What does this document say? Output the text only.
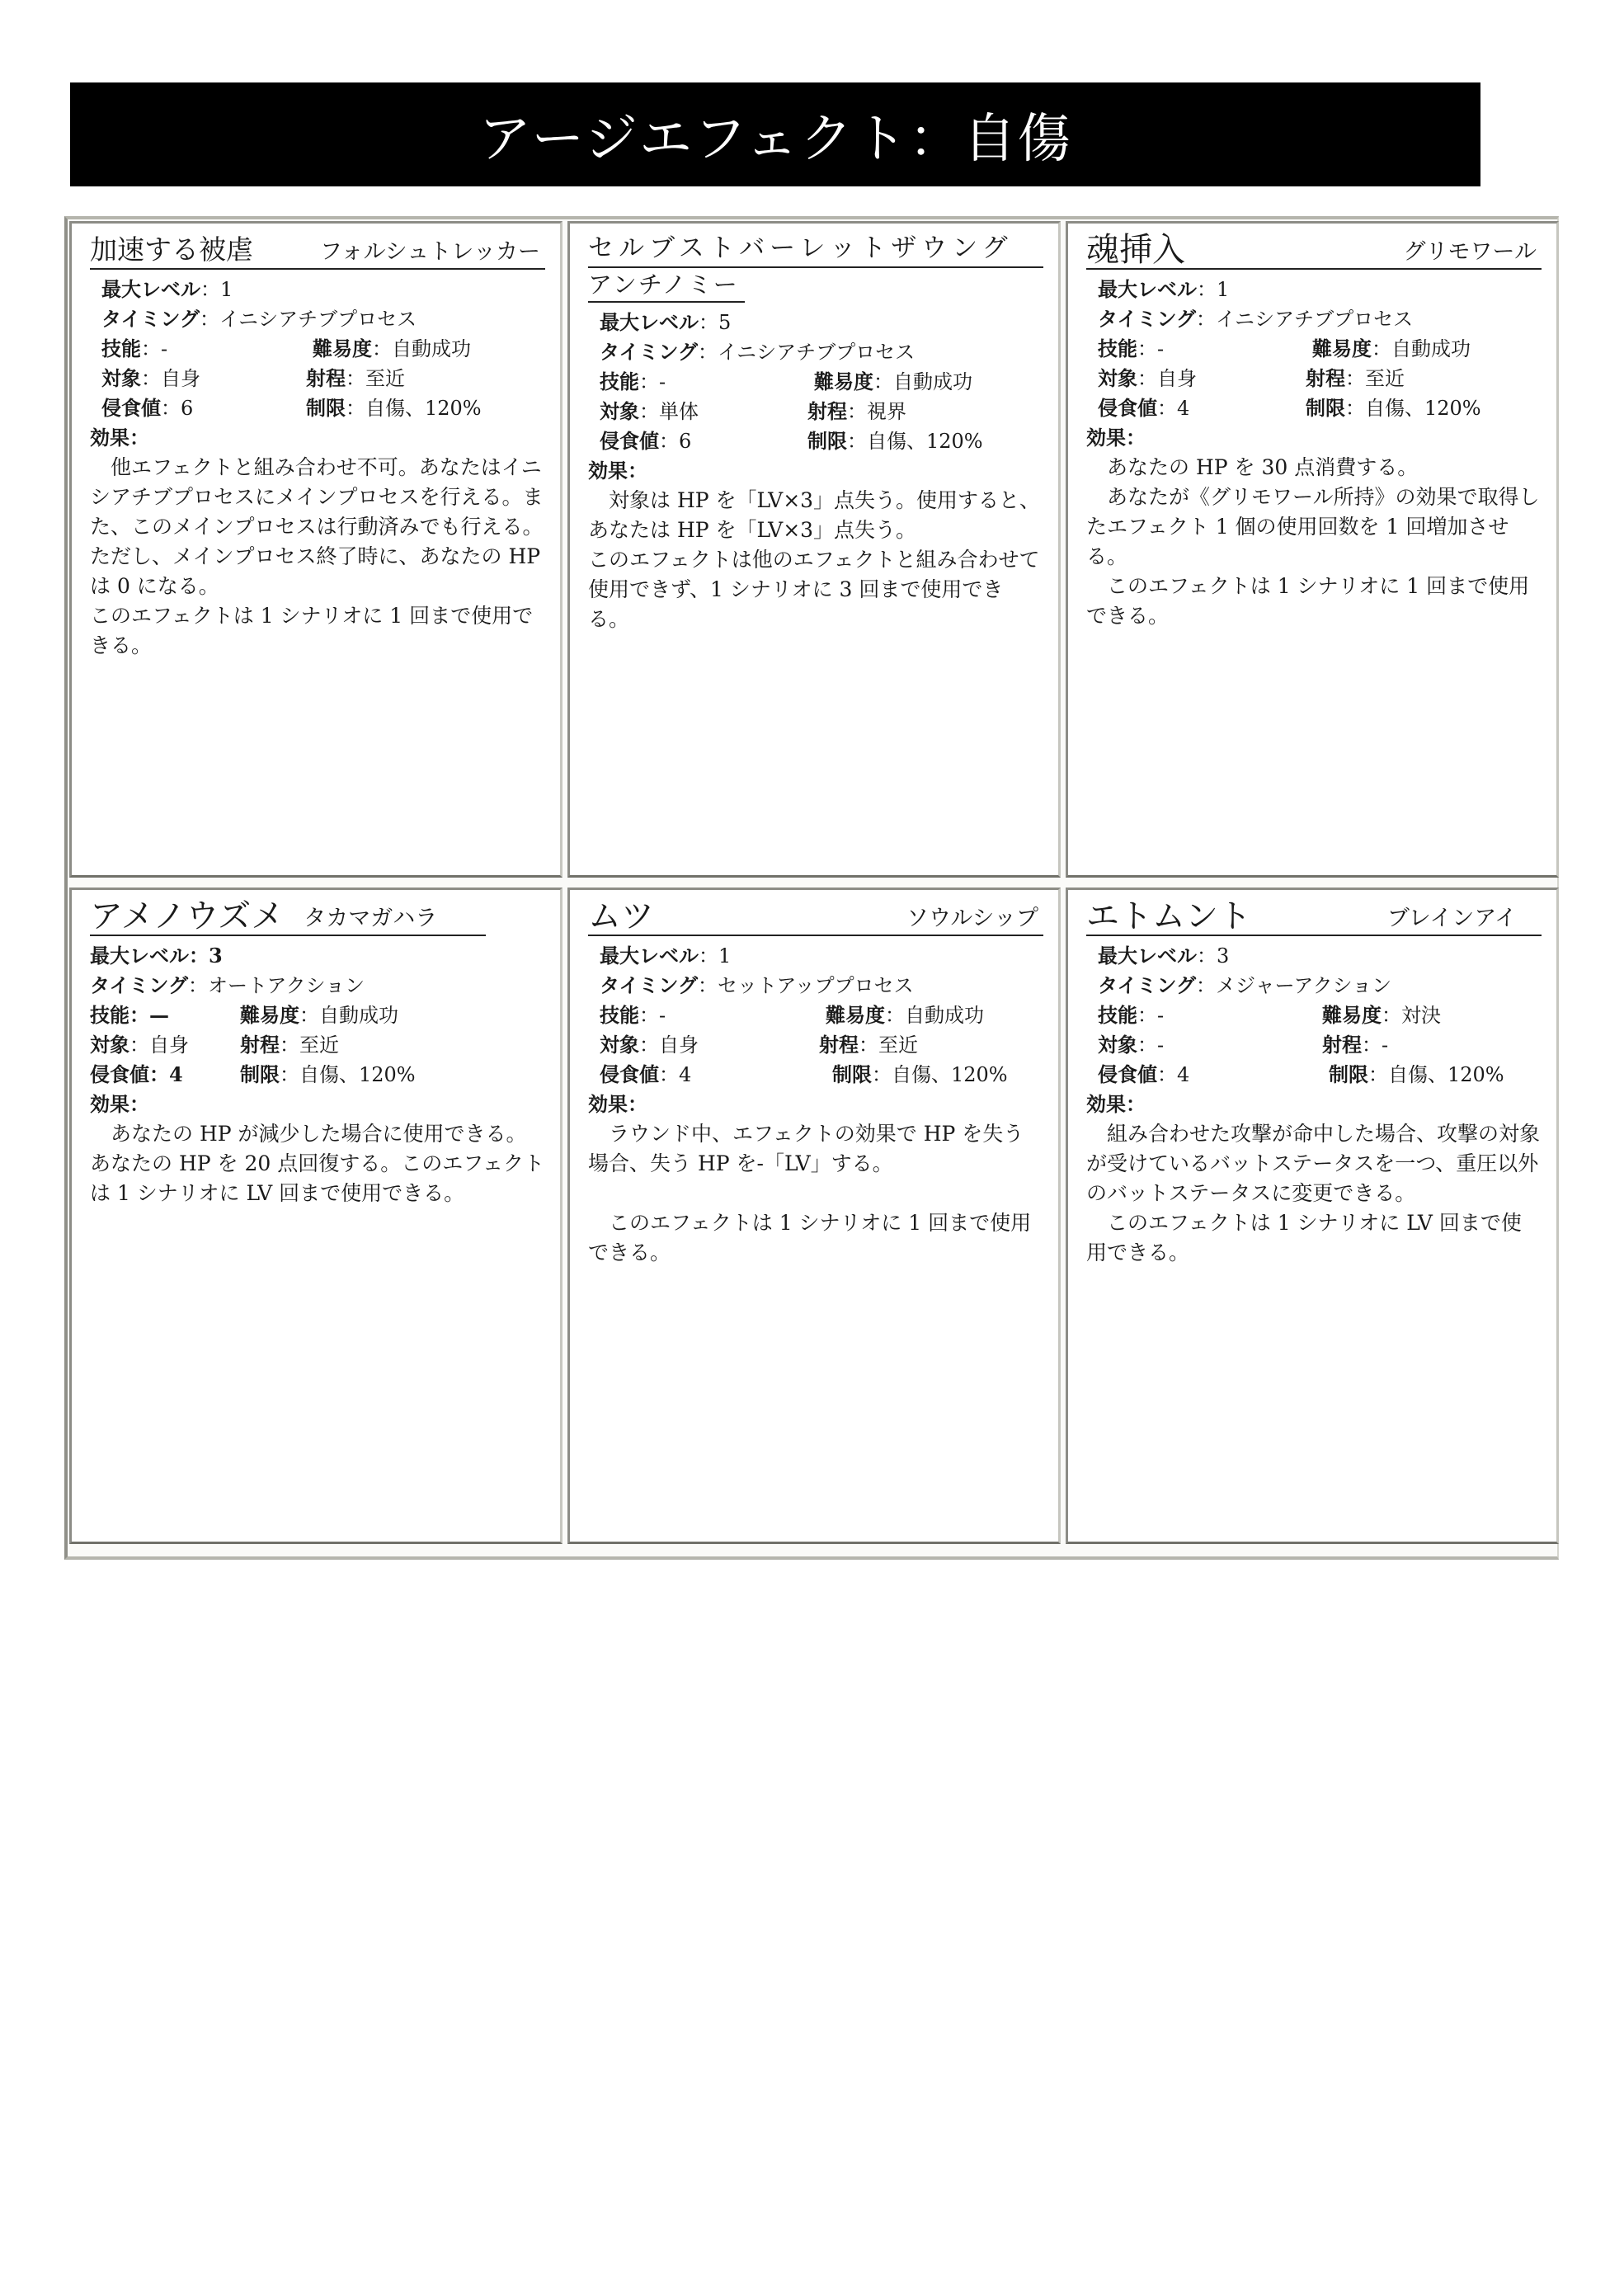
アージエフェクト：自傷
加速する被虐	フォルシュトレッカー
最大レベル：1
タイミング：イニシアチブプロセス
技能：-	難易度：自動成功
対象：自身	射程：至近
侵食値：6	制限：自傷、120%
効果：

　他エフェクトと組み合わせ不可。あなたはイニシアチブプロセスにメインプロセスを行える。また、このメインプロセスは行動済みでも行える。ただし、メインプロセス終了時に、あなたの HP は 0 になる。

このエフェクトは 1 シナリオに 1 回まで使用できる。

セルブストバーレットザウング
アンチノミー
最大レベル：5
タイミング：イニシアチブプロセス
技能：-	難易度：自動成功
対象：単体	射程：視界
侵食値：6	制限：自傷、120%
効果：

　対象は HP を「LV×3」点失う。使用すると、あなたは HP を「LV×3」点失う。

このエフェクトは他のエフェクトと組み合わせて使用できず、1 シナリオに 3 回まで使用できる。

魂挿入	グリモワール
最大レベル：1
タイミング：イニシアチブプロセス
技能：-	難易度：自動成功
対象：自身	射程：至近
侵食値：4	制限：自傷、120%
効果：

　あなたの HP を 30 点消費する。

　あなたが《グリモワール所持》の効果で取得したエフェクト 1 個の使用回数を 1 回増加させる。

　このエフェクトは 1 シナリオに 1 回まで使用できる。

アメノウズメ タカマガハラ
最大レベル：3
タイミング：オートアクション
技能：—	難易度：自動成功
対象：自身	射程：至近
侵食値：4	制限：自傷、120%
効果：

　あなたの HP が減少した場合に使用できる。あなたの HP を 20 点回復する。このエフェクトは 1 シナリオに LV 回まで使用できる。

ムツ	ソウルシップ
最大レベル：1
タイミング：セットアッププロセス
技能：-	難易度：自動成功
対象：自身	射程：至近
侵食値：4	制限：自傷、120%
効果：

　ラウンド中、エフェクトの効果で HP を失う場合、失う HP を-「LV」する。

　このエフェクトは 1 シナリオに 1 回まで使用できる。

エトムント	ブレインアイ
最大レベル：3
タイミング：メジャーアクション
技能：-	難易度：対決
対象：-	射程：-
侵食値：4	制限：自傷、120%
効果：

　組み合わせた攻撃が命中した場合、攻撃の対象が受けているバットステータスを一つ、重圧以外のバットステータスに変更できる。

　このエフェクトは 1 シナリオに LV 回まで使用できる。
